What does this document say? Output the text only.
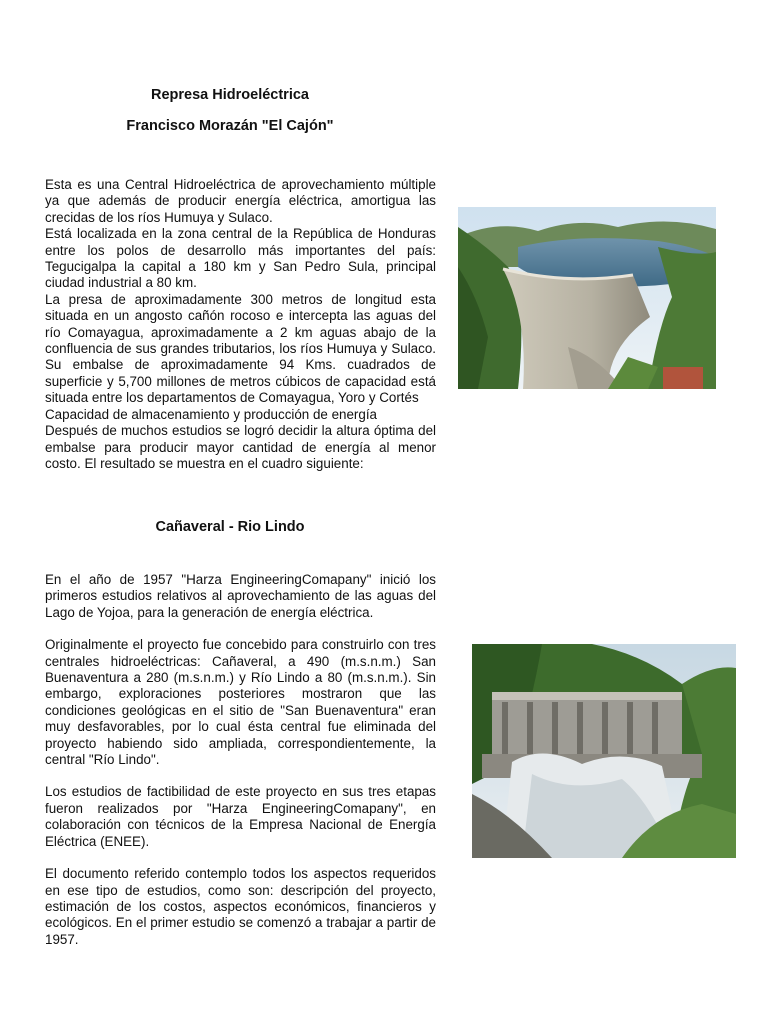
Represa Hidroeléctrica
Francisco Morazán "El Cajón"

Esta es una Central Hidroeléctrica de aprovechamiento múltiple ya que además de producir energía eléctrica, amortigua las crecidas de los ríos Humuya y Sulaco.

Está localizada en la zona central de la República de Honduras entre los polos de desarrollo más importantes del país: Tegucigalpa la capital a 180 km y San Pedro Sula, principal ciudad industrial a 80 km.

La presa de aproximadamente 300 metros de longitud esta situada en un angosto cañón rocoso e intercepta las aguas del río Comayagua, aproximadamente a 2 km aguas abajo de la confluencia de sus grandes tributarios, los ríos Humuya y Sulaco. Su embalse de aproximadamente 94 Kms. cuadrados de superficie y 5,700 millones de metros cúbicos de capacidad está situada entre los departamentos de Comayagua, Yoro y Cortés

Capacidad de almacenamiento y producción de energía

Después de muchos estudios se logró decidir la altura óptima del embalse para producir mayor cantidad de energía al menor costo. El resultado se muestra en el cuadro siguiente:

Cañaveral - Rio Lindo

En el año de 1957 "Harza EngineeringComapany" inició los primeros estudios relativos al aprovechamiento de las aguas del Lago de Yojoa, para la generación de energía eléctrica.

Originalmente el proyecto fue concebido para construirlo con tres centrales hidroeléctricas: Cañaveral, a 490 (m.s.n.m.) San Buenaventura a 280 (m.s.n.m.) y Río Lindo a 80 (m.s.n.m.). Sin embargo, exploraciones posteriores mostraron que las condiciones geológicas en el sitio de "San Buenaventura" eran muy desfavorables, por lo cual ésta central fue eliminada del proyecto habiendo sido ampliada, correspondientemente, la central "Río Lindo".

Los estudios de factibilidad de este proyecto en sus tres etapas fueron realizados por "Harza EngineeringComapany", en colaboración con técnicos de la Empresa Nacional de Energía Eléctrica (ENEE).

El documento referido contemplo todos los aspectos requeridos en ese tipo de estudios, como son: descripción del proyecto, estimación de los costos, aspectos económicos, financieros y ecológicos. En el primer estudio se comenzó a trabajar a partir de 1957.
